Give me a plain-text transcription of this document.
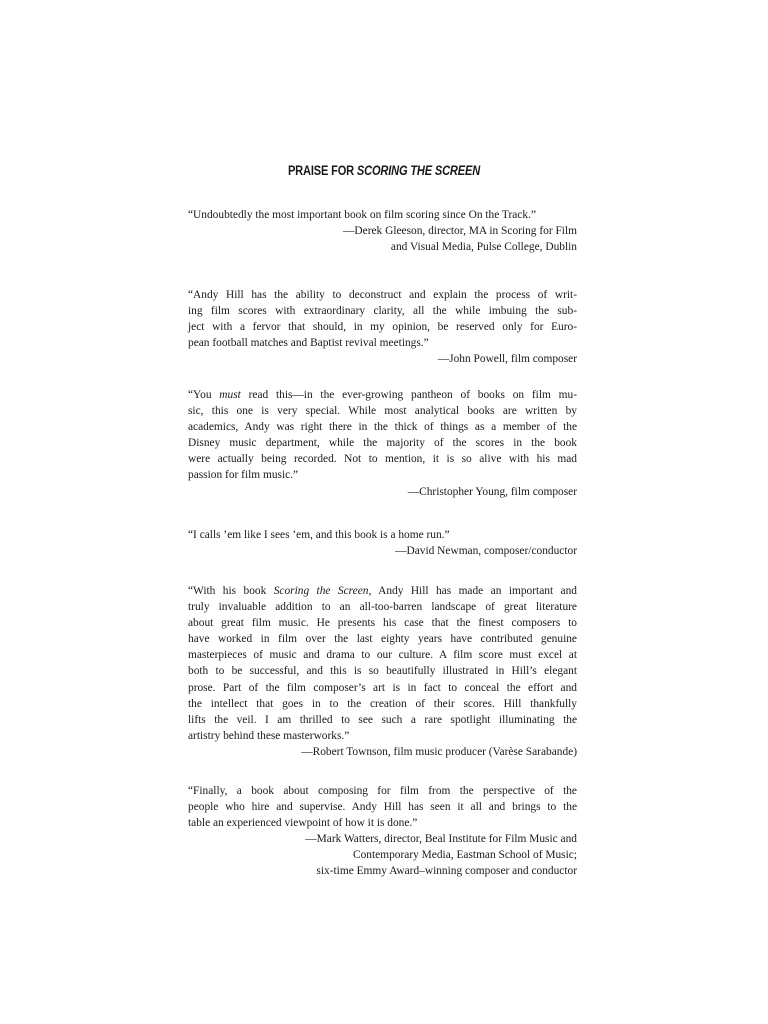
PRAISE FOR SCORING THE SCREEN

“Undoubtedly the most important book on film scoring since On the Track.”

—Derek Gleeson, director, MA in Scoring for Film
and Visual Media, Pulse College, Dublin

“Andy Hill has the ability to deconstruct and explain the process of writ-
ing film scores with extraordinary clarity, all the while imbuing the sub-
ject with a fervor that should, in my opinion, be reserved only for Euro-
pean football matches and Baptist revival meetings.”

—John Powell, film composer

“You must read this—in the ever-growing pantheon of books on film mu-
sic, this one is very special. While most analytical books are written by
academics, Andy was right there in the thick of things as a member of the
Disney music department, while the majority of the scores in the book
were actually being recorded. Not to mention, it is so alive with his mad
passion for film music.”

—Christopher Young, film composer

“I calls ’em like I sees ’em, and this book is a home run.”

—David Newman, composer/conductor

“With his book Scoring the Screen, Andy Hill has made an important and
truly invaluable addition to an all-too-barren landscape of great literature
about great film music. He presents his case that the finest composers to
have worked in film over the last eighty years have contributed genuine
masterpieces of music and drama to our culture. A film score must excel at
both to be successful, and this is so beautifully illustrated in Hill’s elegant
prose. Part of the film composer’s art is in fact to conceal the effort and
the intellect that goes in to the creation of their scores. Hill thankfully
lifts the veil. I am thrilled to see such a rare spotlight illuminating the
artistry behind these masterworks.”

—Robert Townson, film music producer (Varèse Sarabande)

“Finally, a book about composing for film from the perspective of the
people who hire and supervise. Andy Hill has seen it all and brings to the
table an experienced viewpoint of how it is done.”

—Mark Watters, director, Beal Institute for Film Music and
Contemporary Media, Eastman School of Music;
six-time Emmy Award–winning composer and conductor
